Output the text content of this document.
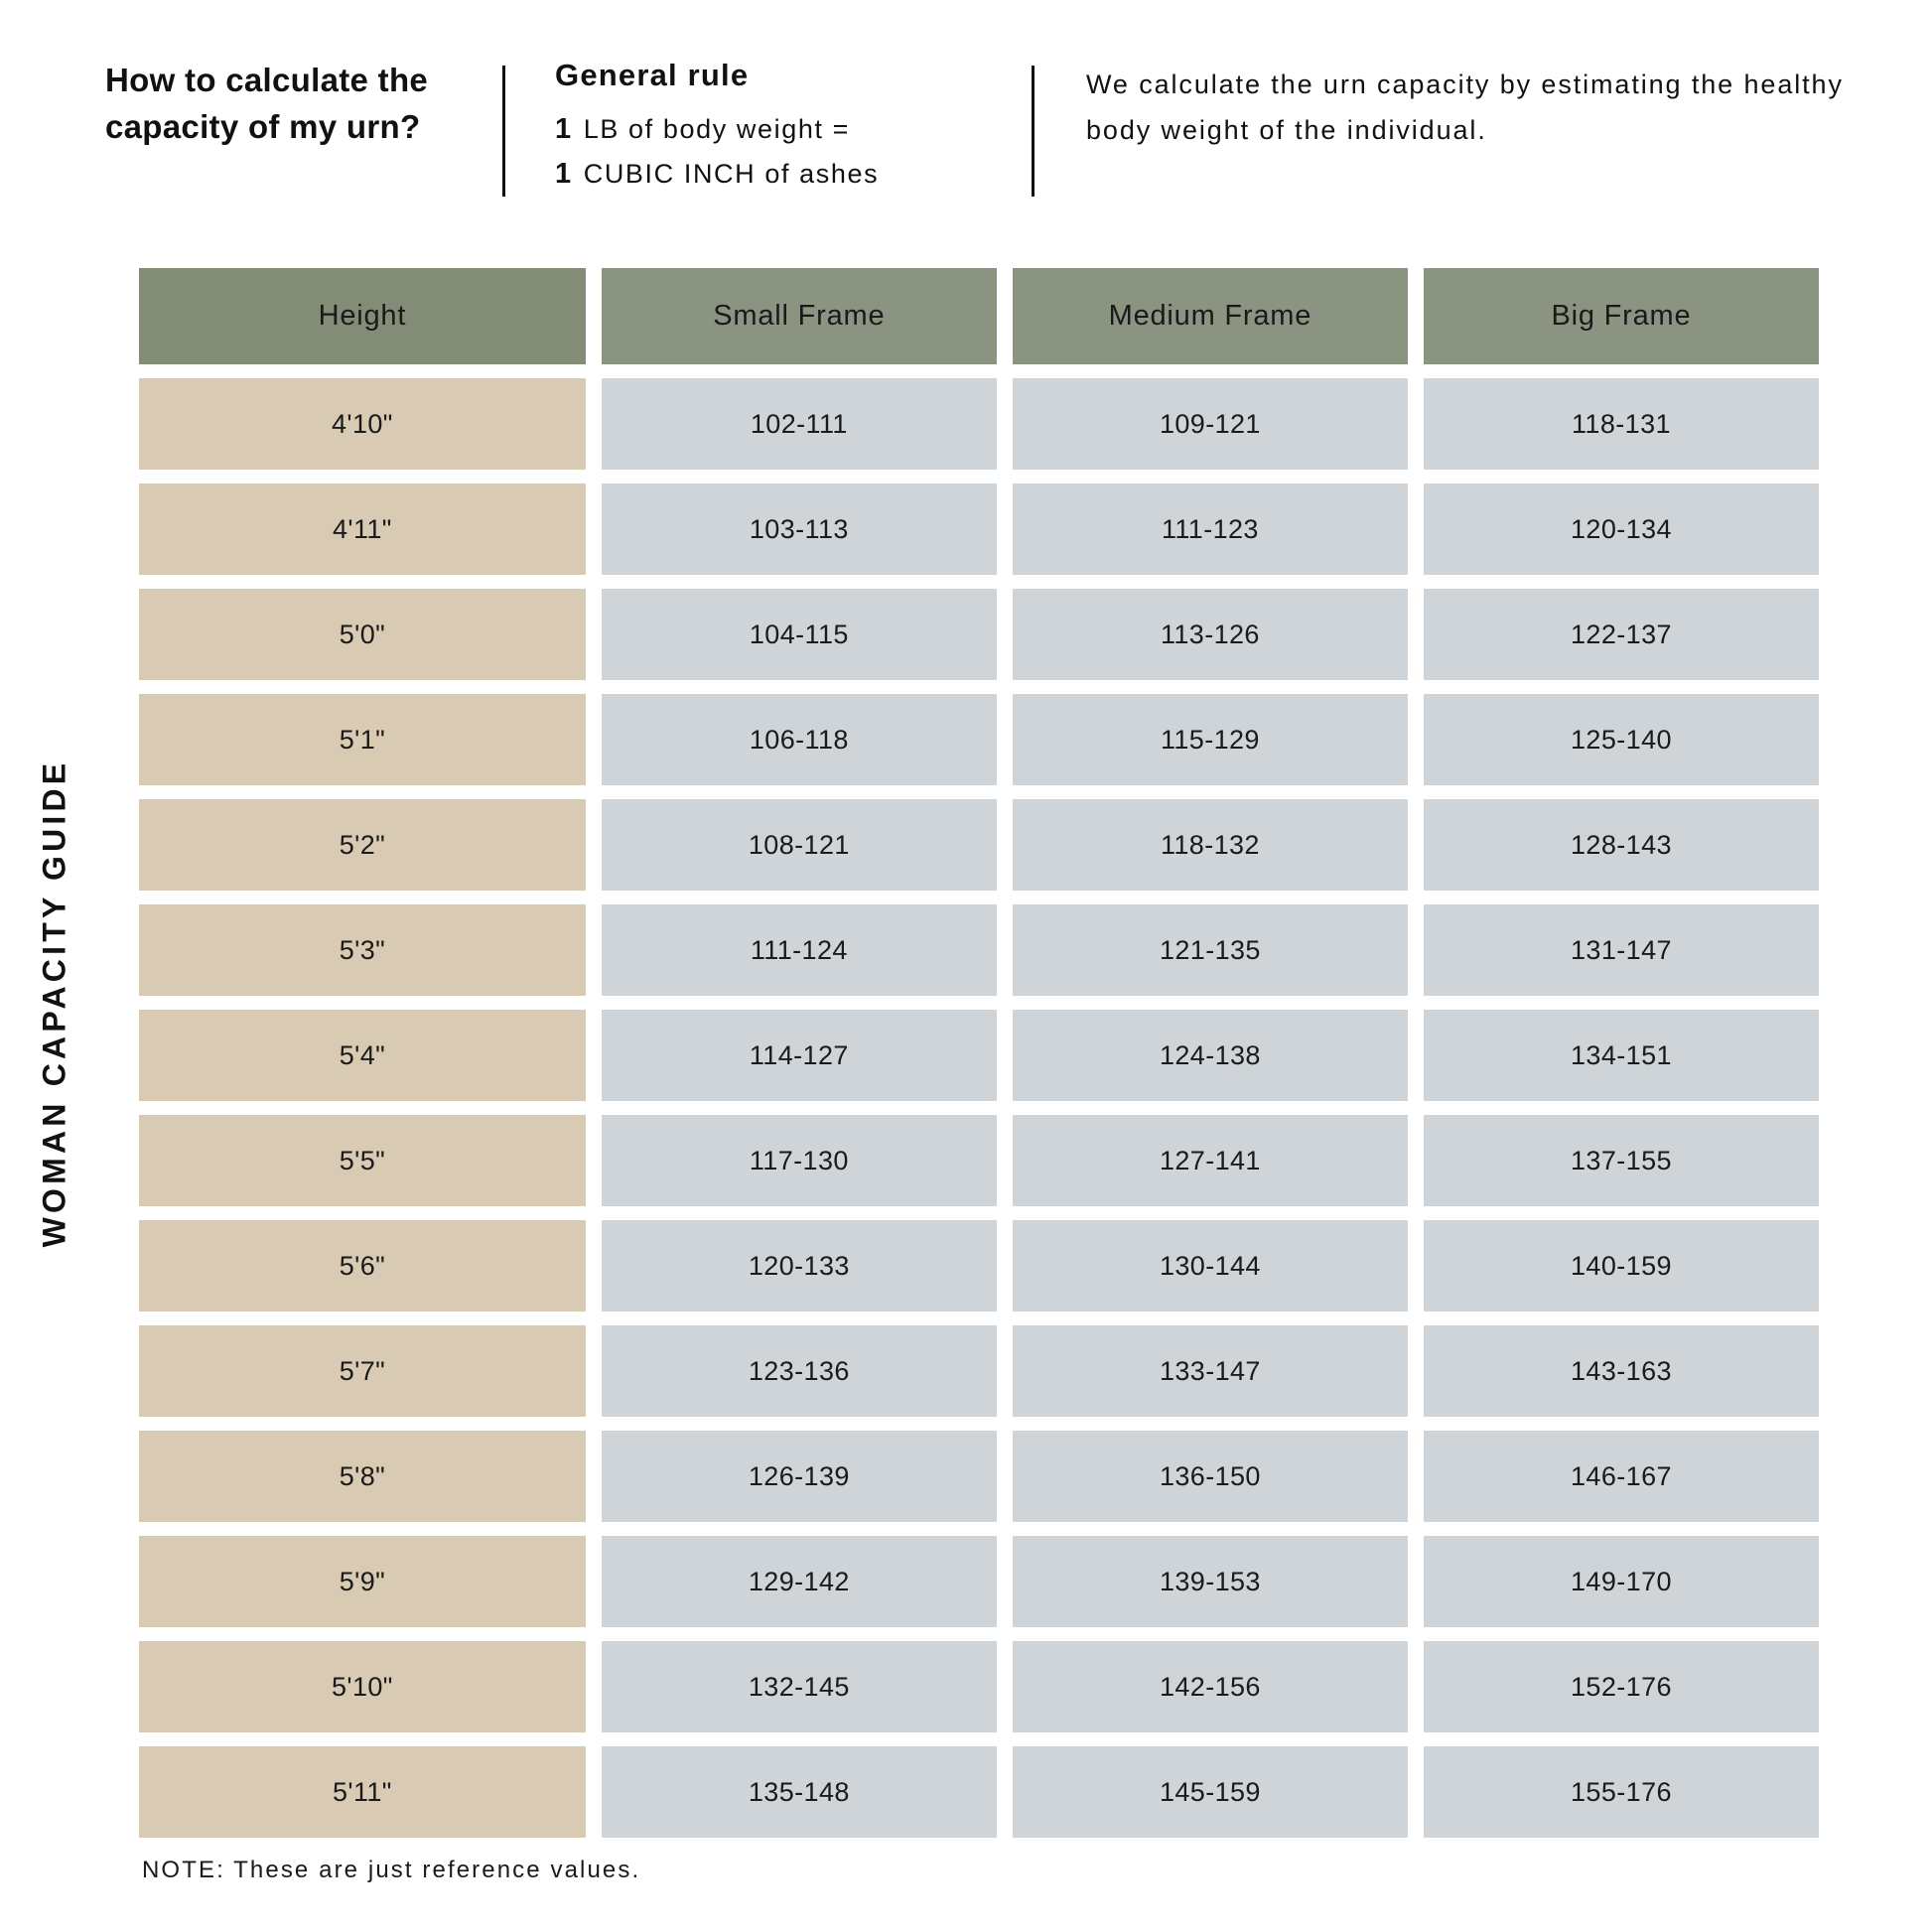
How to calculate the capacity of my urn?

General rule

1 LB of body weight =
1 CUBIC INCH of ashes

We calculate the urn capacity by estimating the healthy body weight of the individual.

WOMAN CAPACITY GUIDE
Height	Small Frame	Medium Frame	Big Frame
4'10"	102-111	109-121	118-131
4'11"	103-113	111-123	120-134
5'0"	104-115	113-126	122-137
5'1"	106-118	115-129	125-140
5'2"	108-121	118-132	128-143
5'3"	111-124	121-135	131-147
5'4"	114-127	124-138	134-151
5'5"	117-130	127-141	137-155
5'6"	120-133	130-144	140-159
5'7"	123-136	133-147	143-163
5'8"	126-139	136-150	146-167
5'9"	129-142	139-153	149-170
5'10"	132-145	142-156	152-176
5'11"	135-148	145-159	155-176
NOTE: These are just reference values.
